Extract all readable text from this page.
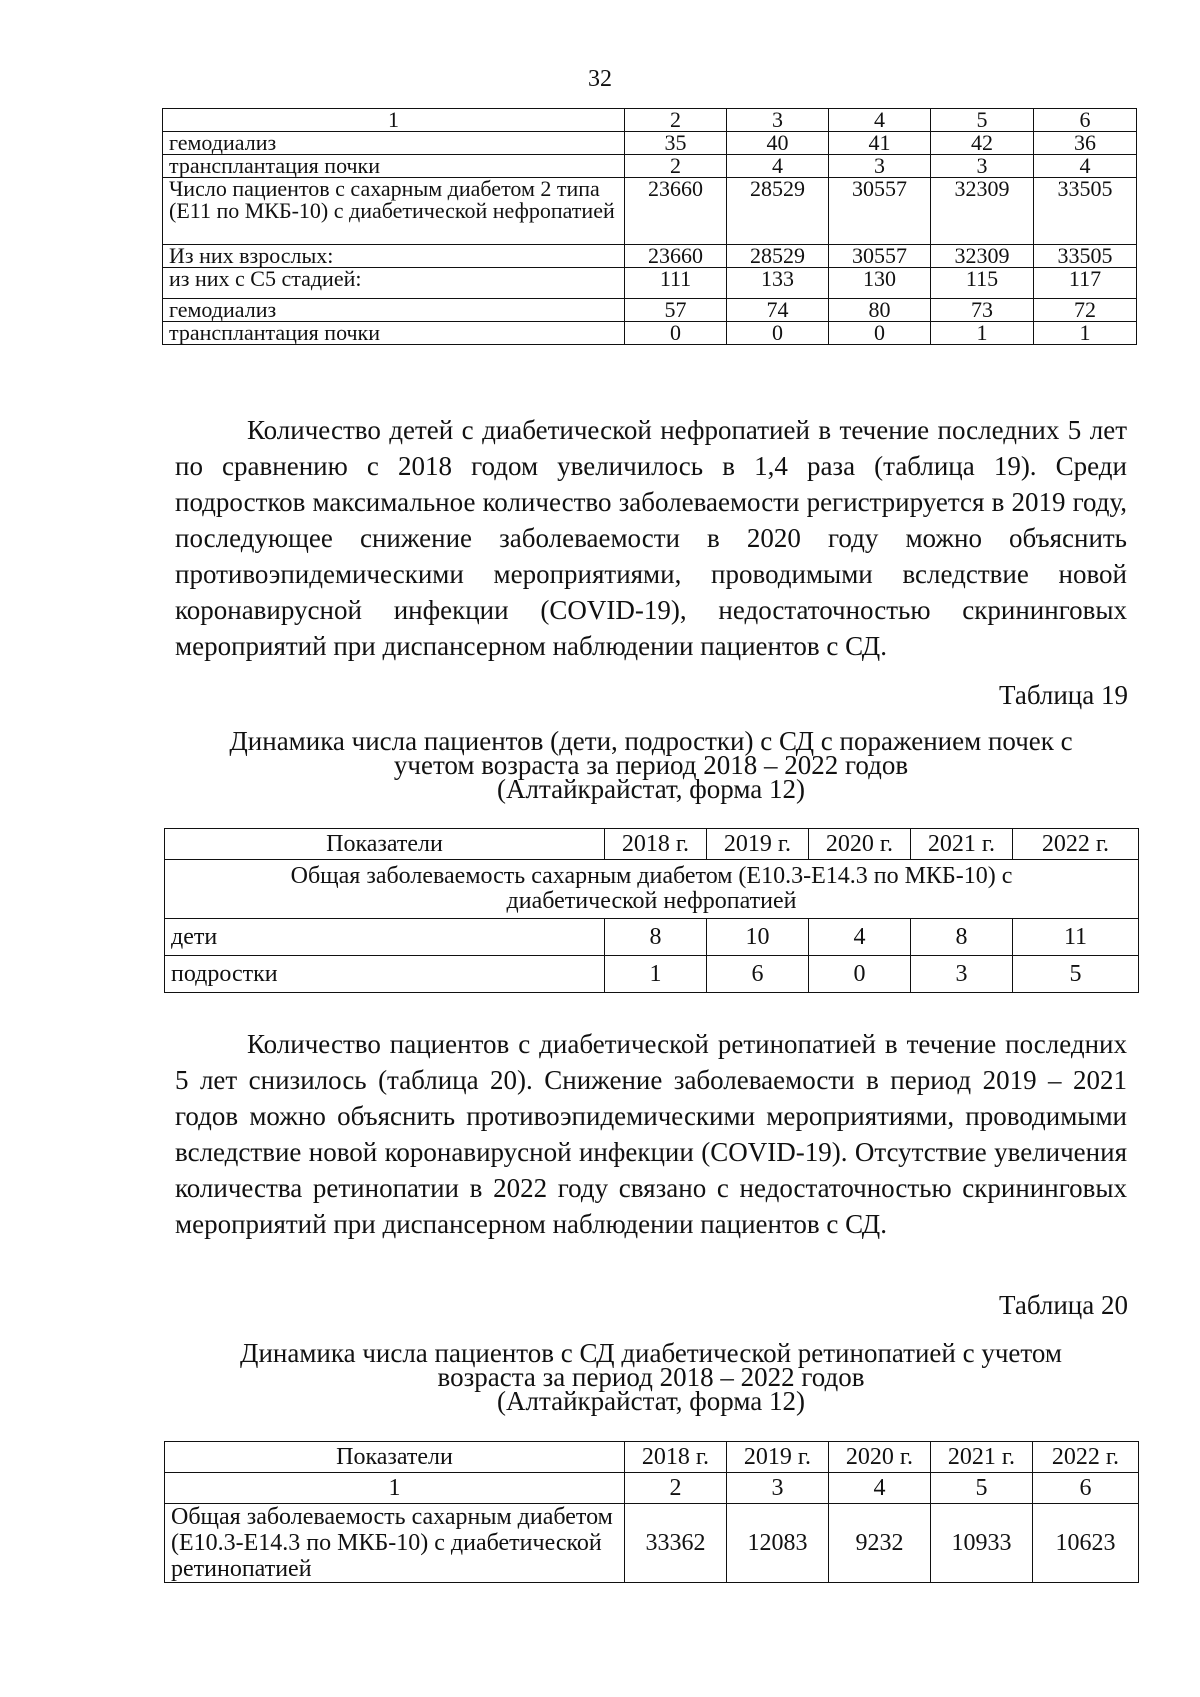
32
1	2	3	4	5	6
гемодиализ	35	40	41	42	36
трансплантация почки	2	4	3	3	4
Число пациентов с сахарным диабетом 2 типа (Е11 по МКБ-10) с диабетической нефропатией	23660	28529	30557	32309	33505
Из них взрослых:	23660	28529	30557	32309	33505
из них с С5 стадией:	111	133	130	115	117
гемодиализ	57	74	80	73	72
трансплантация почки	0	0	0	1	1

Количество детей с диабетической нефропатией в течение последних 5 лет по сравнению с 2018 годом увеличилось в 1,4 раза (таблица 19). Среди подростков максимальное количество заболеваемости регистрируется в 2019 году, последующее снижение заболеваемости в 2020 году можно объяснить противоэпидемическими мероприятиями, проводимыми вследствие новой коронавирусной инфекции (COVID-19), недостаточностью скрининговых мероприятий при диспансерном наблюдении пациентов с СД.

Таблица 19

Динамика числа пациентов (дети, подростки) с СД с поражением почек с

учетом возраста за период 2018 – 2022 годов

(Алтайкрайстат, форма 12)

Показатели	2018 г.	2019 г.	2020 г.	2021 г.	2022 г.
Общая заболеваемость сахарным диабетом (Е10.3-Е14.3 по МКБ-10) с диабетической нефропатией					
дети	8	10	4	8	11
подростки	1	6	0	3	5

Количество пациентов с диабетической ретинопатией в течение последних 5 лет снизилось (таблица 20). Снижение заболеваемости в период 2019 – 2021 годов можно объяснить противоэпидемическими мероприятиями, проводимыми вследствие новой коронавирусной инфекции (COVID-19). Отсутствие увеличения количества ретинопатии в 2022 году связано с недостаточностью скрининговых мероприятий при диспансерном наблюдении пациентов с СД.

Таблица 20

Динамика числа пациентов с СД диабетической ретинопатией с учетом

возраста за период 2018 – 2022 годов

(Алтайкрайстат, форма 12)

Показатели	2018 г.	2019 г.	2020 г.	2021 г.	2022 г.
1	2	3	4	5	6
Общая заболеваемость сахарным диабетом (Е10.3-Е14.3 по МКБ-10) с диабетической ретинопатией	33362	12083	9232	10933	10623
